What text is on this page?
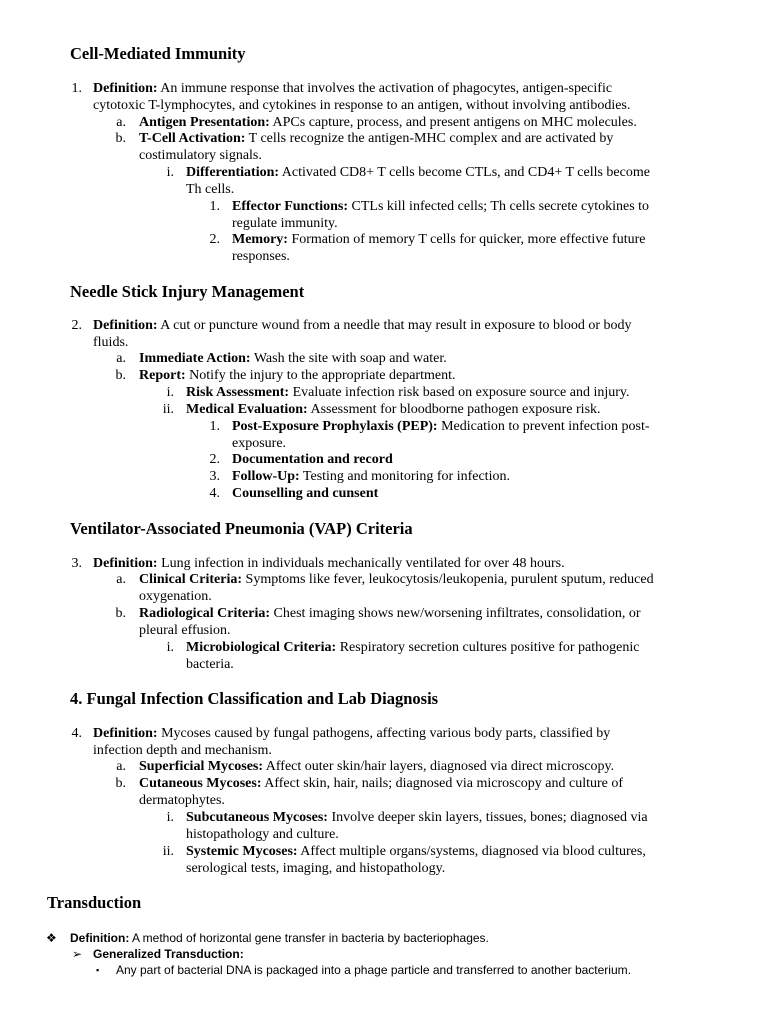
Cell-Mediated Immunity
1. Definition: An immune response that involves the activation of phagocytes, antigen-specific
cytotoxic T-lymphocytes, and cytokines in response to an antigen, without involving antibodies.
a. Antigen Presentation: APCs capture, process, and present antigens on MHC molecules.
b. T-Cell Activation: T cells recognize the antigen-MHC complex and are activated by
costimulatory signals.
i. Differentiation: Activated CD8+ T cells become CTLs, and CD4+ T cells become
Th cells.
1. Effector Functions: CTLs kill infected cells; Th cells secrete cytokines to
regulate immunity.
2. Memory: Formation of memory T cells for quicker, more effective future
responses.
Needle Stick Injury Management
2. Definition: A cut or puncture wound from a needle that may result in exposure to blood or body
fluids.
a. Immediate Action: Wash the site with soap and water.
b. Report: Notify the injury to the appropriate department.
i. Risk Assessment: Evaluate infection risk based on exposure source and injury.
ii. Medical Evaluation: Assessment for bloodborne pathogen exposure risk.
1. Post-Exposure Prophylaxis (PEP): Medication to prevent infection post-
exposure.
2. Documentation and record
3. Follow-Up: Testing and monitoring for infection.
4. Counselling and cunsent
Ventilator-Associated Pneumonia (VAP) Criteria
3. Definition: Lung infection in individuals mechanically ventilated for over 48 hours.
a. Clinical Criteria: Symptoms like fever, leukocytosis/leukopenia, purulent sputum, reduced
oxygenation.
b. Radiological Criteria: Chest imaging shows new/worsening infiltrates, consolidation, or
pleural effusion.
i. Microbiological Criteria: Respiratory secretion cultures positive for pathogenic
bacteria.
4. Fungal Infection Classification and Lab Diagnosis
4. Definition: Mycoses caused by fungal pathogens, affecting various body parts, classified by
infection depth and mechanism.
a. Superficial Mycoses: Affect outer skin/hair layers, diagnosed via direct microscopy.
b. Cutaneous Mycoses: Affect skin, hair, nails; diagnosed via microscopy and culture of
dermatophytes.
i. Subcutaneous Mycoses: Involve deeper skin layers, tissues, bones; diagnosed via
histopathology and culture.
ii. Systemic Mycoses: Affect multiple organs/systems, diagnosed via blood cultures,
serological tests, imaging, and histopathology.
Transduction
❖	Definition: A method of horizontal gene transfer in bacteria by bacteriophages.
➢ Generalized Transduction:
▪	Any part of bacterial DNA is packaged into a phage particle and transferred to another bacterium.
